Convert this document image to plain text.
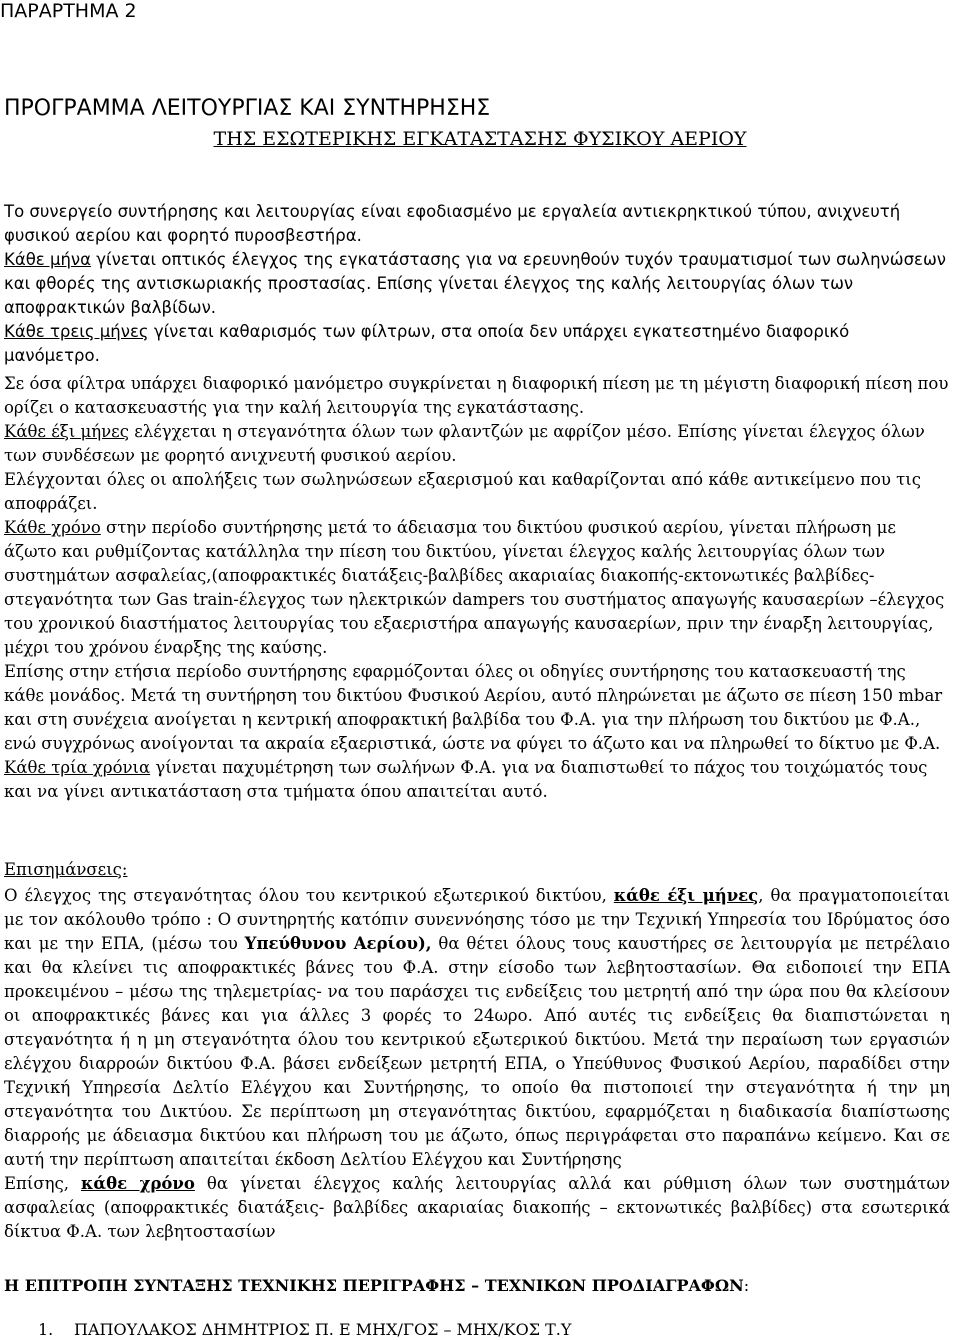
ΠΑΡΑΡΤΗΜΑ 2
ΠΡΟΓΡΑΜΜΑ ΛΕΙΤΟΥΡΓΙΑΣ ΚΑΙ ΣΥΝΤΗΡΗΣΗΣ
ΤΗΣ ΕΣΩΤΕΡΙΚΗΣ ΕΓΚΑΤΑΣΤΑΣΗΣ ΦΥΣΙΚΟΥ ΑΕΡΙΟΥ

Το συνεργείο συντήρησης και λειτουργίας είναι εφοδιασμένο με εργαλεία αντιεκρηκτικού τύπου, ανιχνευτή φυσικού αερίου και φορητό πυροσβεστήρα.

Κάθε μήνα γίνεται οπτικός έλεγχος της εγκατάστασης για να ερευνηθούν τυχόν τραυματισμοί των σωληνώσεων και φθορές της αντισκωριακής προστασίας. Επίσης γίνεται έλεγχος της καλής λειτουργίας όλων των αποφρακτικών βαλβίδων.

Κάθε τρεις μήνες γίνεται καθαρισμός των φίλτρων, στα οποία δεν υπάρχει εγκατεστημένο διαφορικό μανόμετρο.

Σε όσα φίλτρα υπάρχει διαφορικό μανόμετρο συγκρίνεται η διαφορική πίεση με τη μέγιστη διαφορική πίεση που ορίζει ο κατασκευαστής για την καλή λειτουργία της εγκατάστασης.

Κάθε έξι μήνες ελέγχεται η στεγανότητα όλων των φλαντζών με αφρίζον μέσο. Επίσης γίνεται έλεγχος όλων των συνδέσεων με φορητό ανιχνευτή φυσικού αερίου.

Ελέγχονται όλες οι απολήξεις των σωληνώσεων εξαερισμού και καθαρίζονται από κάθε αντικείμενο που τις αποφράζει.

Κάθε χρόνο στην περίοδο συντήρησης μετά το άδειασμα του δικτύου φυσικού αερίου, γίνεται πλήρωση με άζωτο και ρυθμίζοντας κατάλληλα την πίεση του δικτύου, γίνεται έλεγχος καλής λειτουργίας όλων των συστημάτων ασφαλείας,(αποφρακτικές διατάξεις-βαλβίδες ακαριαίας διακοπής-εκτονωτικές βαλβίδες-στεγανότητα των Gas train-έλεγχος των ηλεκτρικών dampers του συστήματος απαγωγής καυσαερίων –έλεγχος του χρονικού διαστήματος λειτουργίας του εξαεριστήρα απαγωγής καυσαερίων, πριν την έναρξη λειτουργίας, μέχρι του χρόνου έναρξης της καύσης.

Επίσης στην ετήσια περίοδο συντήρησης εφαρμόζονται όλες οι οδηγίες συντήρησης του κατασκευαστή της κάθε μονάδος. Μετά τη συντήρηση του δικτύου Φυσικού Αερίου, αυτό πληρώνεται με άζωτο σε πίεση 150 mbar και στη συνέχεια ανοίγεται η κεντρική αποφρακτική βαλβίδα του Φ.Α. για την πλήρωση του δικτύου με Φ.Α., ενώ συγχρόνως ανοίγονται τα ακραία εξαεριστικά, ώστε να φύγει το άζωτο και να πληρωθεί το δίκτυο με Φ.Α.

Κάθε τρία χρόνια γίνεται παχυμέτρηση των σωλήνων Φ.Α. για να διαπιστωθεί το πάχος του τοιχώματός τους και να γίνει αντικατάσταση στα τμήματα όπου απαιτείται αυτό.

Επισημάνσεις:

Ο έλεγχος της στεγανότητας όλου του κεντρικού εξωτερικού δικτύου, κάθε έξι μήνες, θα πραγματοποιείται με τον ακόλουθο τρόπο : Ο συντηρητής κατόπιν συνεννόησης τόσο με την Τεχνική Υπηρεσία του Ιδρύματος όσο και με την ΕΠΑ, (μέσω του Υπεύθυνου Αερίου), θα θέτει όλους τους καυστήρες σε λειτουργία με πετρέλαιο και θα κλείνει τις αποφρακτικές βάνες του Φ.Α. στην είσοδο των λεβητοστασίων. Θα ειδοποιεί την ΕΠΑ προκειμένου – μέσω της τηλεμετρίας- να του παράσχει τις ενδείξεις του μετρητή από την ώρα που θα κλείσουν οι αποφρακτικές βάνες και για άλλες 3 φορές το 24ωρο. Από αυτές τις ενδείξεις θα διαπιστώνεται η στεγανότητα ή η μη στεγανότητα όλου του κεντρικού εξωτερικού δικτύου. Μετά την περαίωση των εργασιών ελέγχου διαρροών δικτύου Φ.Α. βάσει ενδείξεων μετρητή ΕΠΑ, ο Υπεύθυνος Φυσικού Αερίου, παραδίδει στην Τεχνική Υπηρεσία Δελτίο Ελέγχου και Συντήρησης, το οποίο θα πιστοποιεί την στεγανότητα ή την μη στεγανότητα του Δικτύου. Σε περίπτωση μη στεγανότητας δικτύου, εφαρμόζεται η διαδικασία διαπίστωσης διαρροής με άδειασμα δικτύου και πλήρωση του με άζωτο, όπως περιγράφεται στο παραπάνω κείμενο. Και σε αυτή την περίπτωση απαιτείται έκδοση Δελτίου Ελέγχου και Συντήρησης

Επίσης, κάθε χρόνο θα γίνεται έλεγχος καλής λειτουργίας αλλά και ρύθμιση όλων των συστημάτων ασφαλείας (αποφρακτικές διατάξεις- βαλβίδες ακαριαίας διακοπής – εκτονωτικές βαλβίδες) στα εσωτερικά δίκτυα Φ.Α. των λεβητοστασίων

Η ΕΠΙΤΡΟΠΗ ΣΥΝΤΑΞΗΣ ΤΕΧΝΙΚΗΣ ΠΕΡΙΓΡΑΦΗΣ – ΤΕΧΝΙΚΩΝ ΠΡΟΔΙΑΓΡΑΦΩΝ:
1. ΠΑΠΟΥΛΑΚΟΣ ΔΗΜΗΤΡΙΟΣ Π. Ε ΜΗΧ/ΓΟΣ – ΜΗΧ/ΚΟΣ Τ.Υ
